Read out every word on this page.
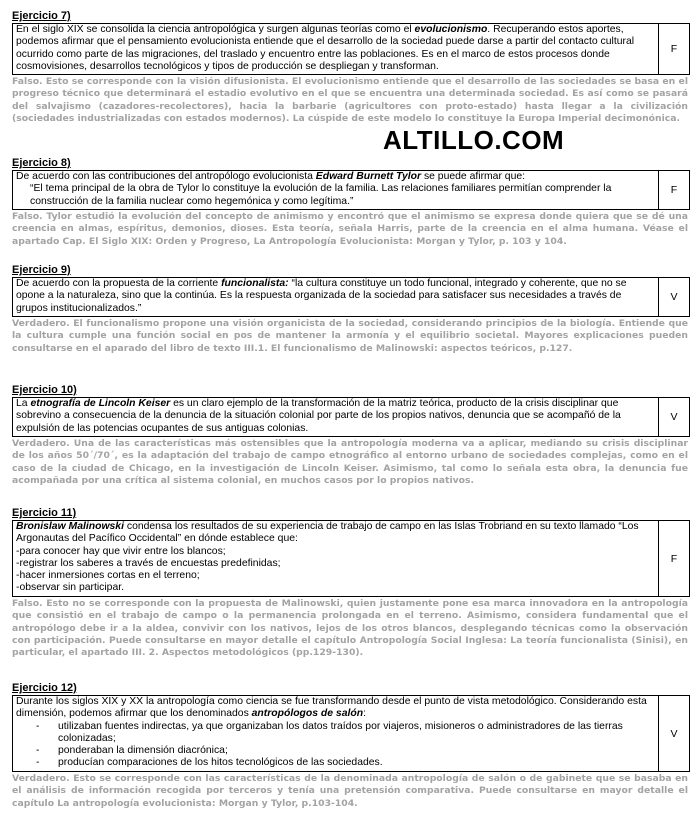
Ejercicio 7)
En el siglo XIX se consolida la ciencia antropológica y surgen algunas teorías como el evolucionismo. Recuperando estos aportes, podemos afirmar que el pensamiento evolucionista entiende que el desarrollo de la sociedad puede darse a partir del contacto cultural ocurrido como parte de las migraciones, del traslado y encuentro entre las poblaciones. Es en el marco de estos procesos donde cosmovisiones, desarrollos tecnológicos y tipos de producción se despliegan y transforman.
F
Falso. Esto se corresponde con la visión difusionista. El evolucionismo entiende que el desarrollo de las sociedades se basa en el progreso técnico que determinará el estadio evolutivo en el que se encuentra una determinada sociedad. Es así como se pasará del salvajismo (cazadores-recolectores), hacia la barbarie (agricultores con proto-estado) hasta llegar a la civilización (sociedades industrializadas con estados modernos). La cúspide de este modelo lo constituye la Europa Imperial decimonónica.
Ejercicio 8)
De acuerdo con las contribuciones del antropólogo evolucionista Edward Burnett Tylor se puede afirmar que:
“El tema principal de la obra de Tylor lo constituye la evolución de la familia. Las relaciones familiares permitían comprender la construcción de la familia nuclear como hegemónica y como legítima.”
F
Falso. Tylor estudió la evolución del concepto de animismo y encontró que el animismo se expresa donde quiera que se dé una creencia en almas, espíritus, demonios, dioses. Esta teoría, señala Harris, parte de la creencia en el alma humana. Véase el apartado Cap. El Siglo XIX: Orden y Progreso, La Antropología Evolucionista: Morgan y Tylor, p. 103 y 104.
Ejercicio 9)
De acuerdo con la propuesta de la corriente funcionalista: “la cultura constituye un todo funcional, integrado y coherente, que no se opone a la naturaleza, sino que la continúa. Es la respuesta organizada de la sociedad para satisfacer sus necesidades a través de grupos institucionalizados.”
V
Verdadero. El funcionalismo propone una visión organicista de la sociedad, considerando principios de la biología. Entiende que la cultura cumple una función social en pos de mantener la armonía y el equilibrio societal. Mayores explicaciones pueden consultarse en el aparado del libro de texto III.1. El funcionalismo de Malinowski: aspectos teóricos, p.127.
Ejercicio 10)
La etnografía de Lincoln Keiser es un claro ejemplo de la transformación de la matriz teórica, producto de la crisis disciplinar que sobrevino a consecuencia de la denuncia de la situación colonial por parte de los propios nativos, denuncia que se acompañó de la expulsión de las potencias ocupantes de sus antiguas colonias.
V
Verdadero. Una de las características más ostensibles que la antropología moderna va a aplicar, mediando su crisis disciplinar de los años 50´/70´, es la adaptación del trabajo de campo etnográfico al entorno urbano de sociedades complejas, como en el caso de la ciudad de Chicago, en la investigación de Lincoln Keiser. Asimismo, tal como lo señala esta obra, la denuncia fue acompañada por una crítica al sistema colonial, en muchos casos por lo propios nativos.
Ejercicio 11)
Bronislaw Malinowski condensa los resultados de su experiencia de trabajo de campo en las Islas Trobriand en su texto llamado “Los Argonautas del Pacífico Occidental” en dónde establece que:
-para conocer hay que vivir entre los blancos;
-registrar los saberes a través de encuestas predefinidas;
-hacer inmersiones cortas en el terreno;
-observar sin participar.
F
Falso. Esto no se corresponde con la propuesta de Malinowski, quien justamente pone esa marca innovadora en la antropología que consistió en el trabajo de campo o la permanencia prolongada en el terreno. Asimismo, considera fundamental que el antropólogo debe ir a la aldea, convivir con los nativos, lejos de los otros blancos, desplegando técnicas como la observación con participación. Puede consultarse en mayor detalle el capítulo Antropología Social Inglesa: La teoría funcionalista (Sinisi), en particular, el apartado III. 2. Aspectos metodológicos (pp.129-130).
Ejercicio 12)
Durante los siglos XIX y XX la antropología como ciencia se fue transformando desde el punto de vista metodológico. Considerando esta dimensión, podemos afirmar que los denominados antropólogos de salón:
- utilizaban fuentes indirectas, ya que organizaban los datos traídos por viajeros, misioneros o administradores de las tierras colonizadas;
- ponderaban la dimensión diacrónica;
- producían comparaciones de los hitos tecnológicos de las sociedades.
V
Verdadero. Esto se corresponde con las características de la denominada antropología de salón o de gabinete que se basaba en el análisis de información recogida por terceros y tenía una pretensión comparativa. Puede consultarse en mayor detalle el capítulo La antropología evolucionista: Morgan y Tylor, p.103-104.
ALTILLO.COM
